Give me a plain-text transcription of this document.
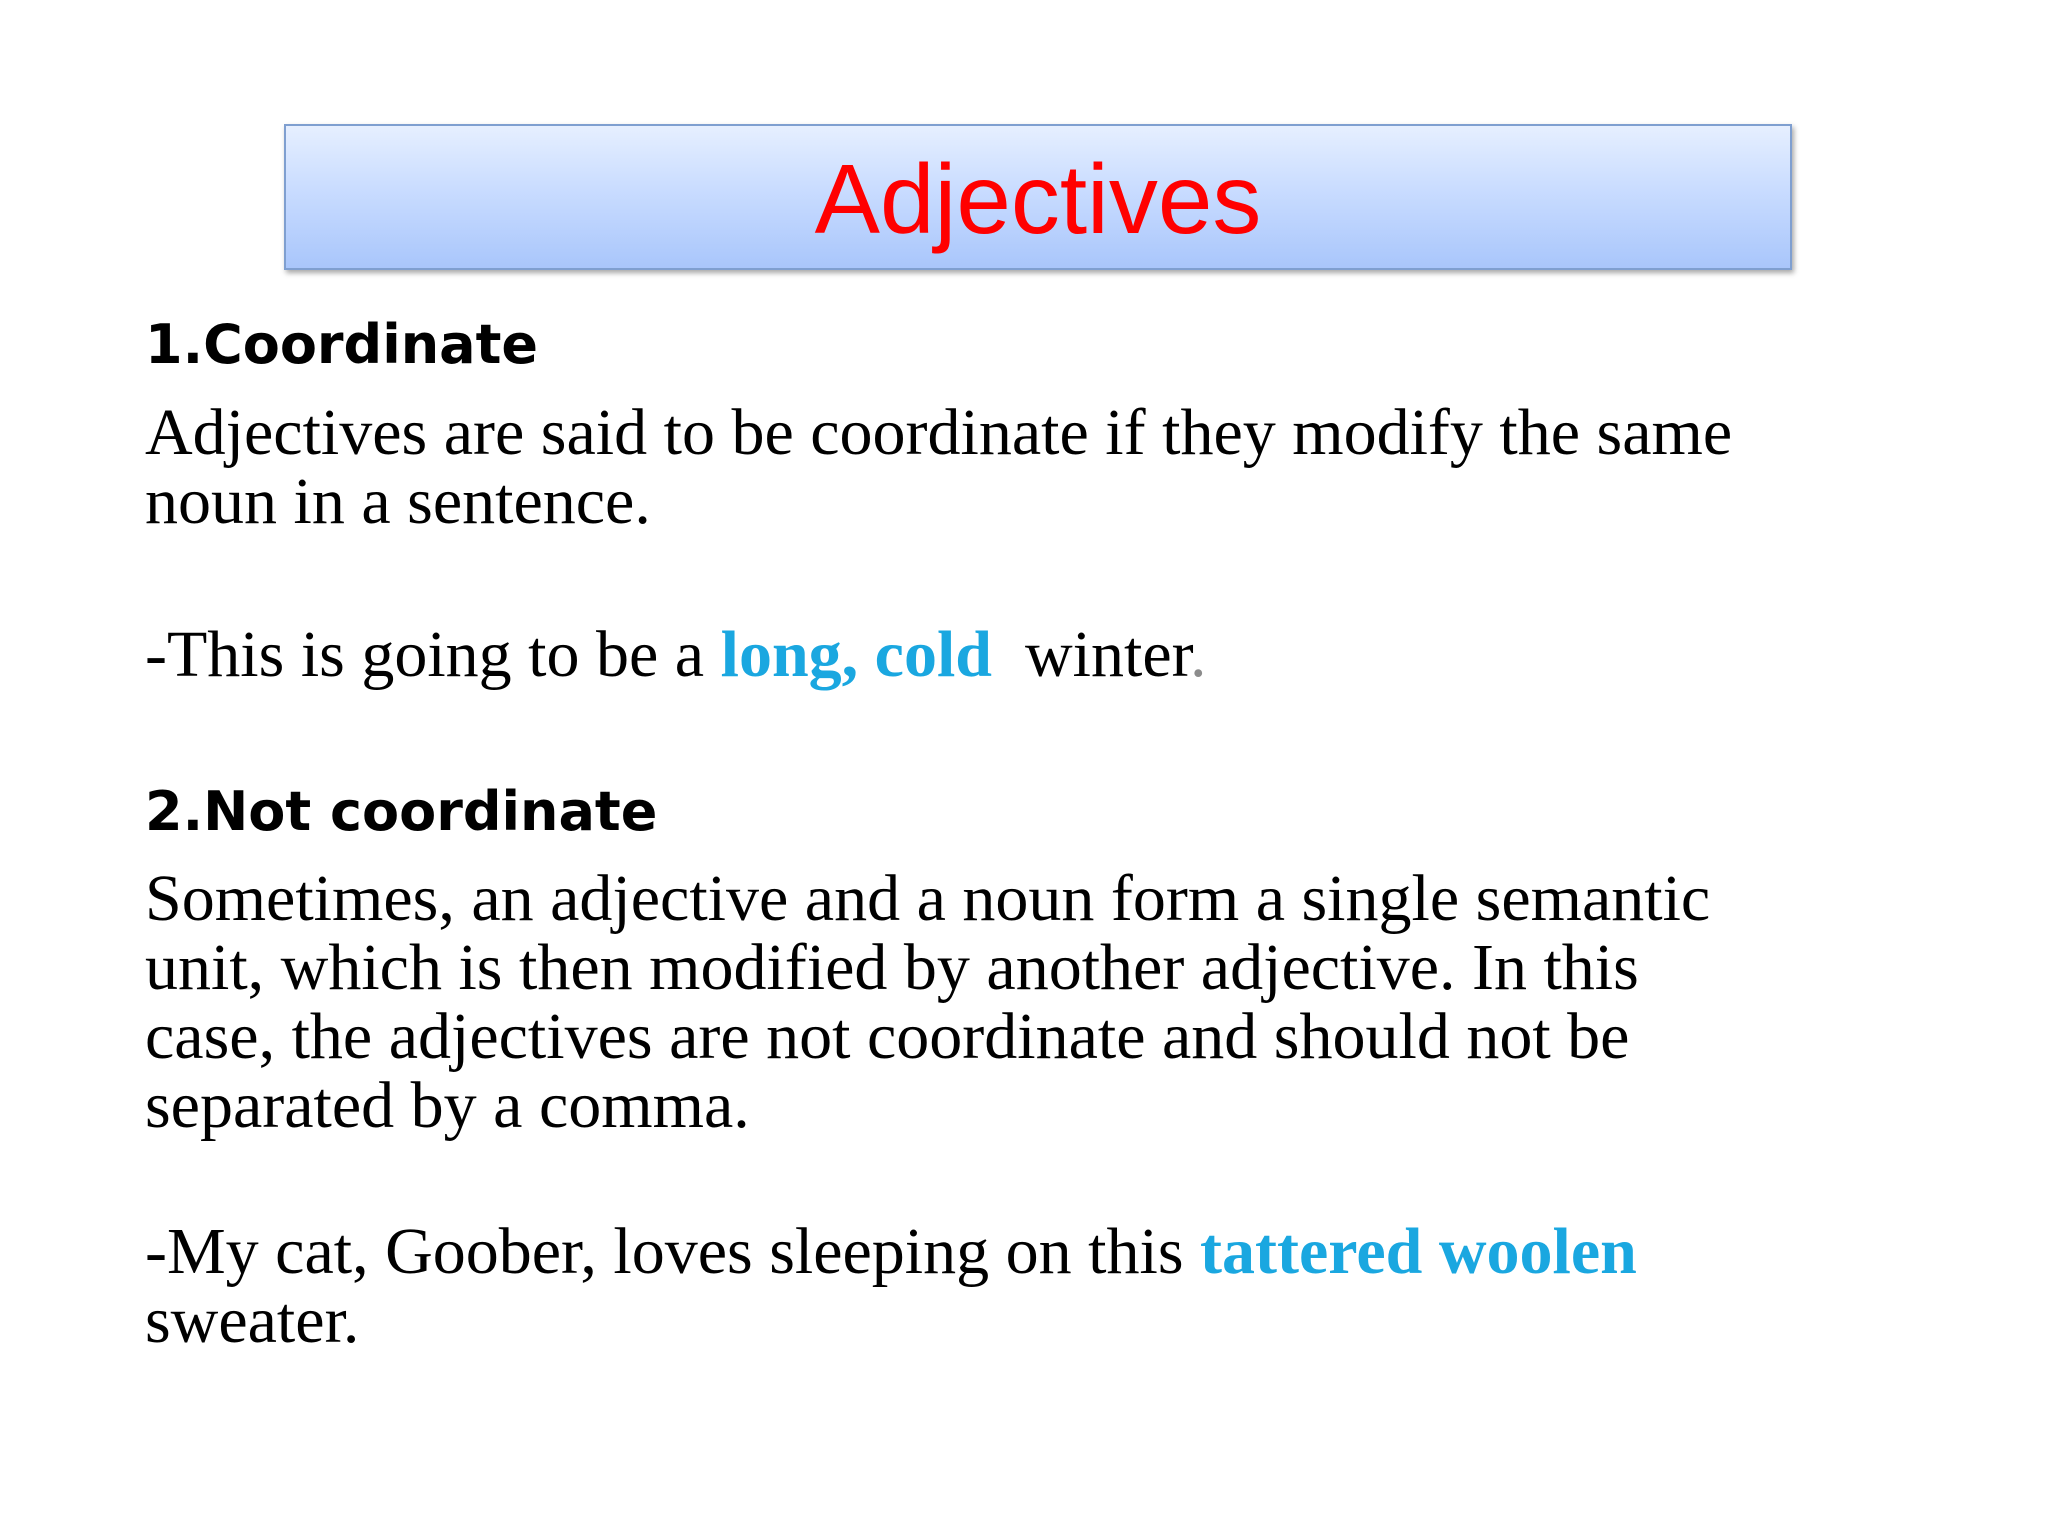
Adjectives
1.Coordinate
Adjectives are said to be coordinate if they modify the same
noun in a sentence.
-This is going to be a long, cold  winter.
2.Not coordinate
Sometimes, an adjective and a noun form a single semantic
unit, which is then modified by another adjective. In this
case, the adjectives are not coordinate and should not be
separated by a comma.
-My cat, Goober, loves sleeping on this tattered woolen
sweater.
